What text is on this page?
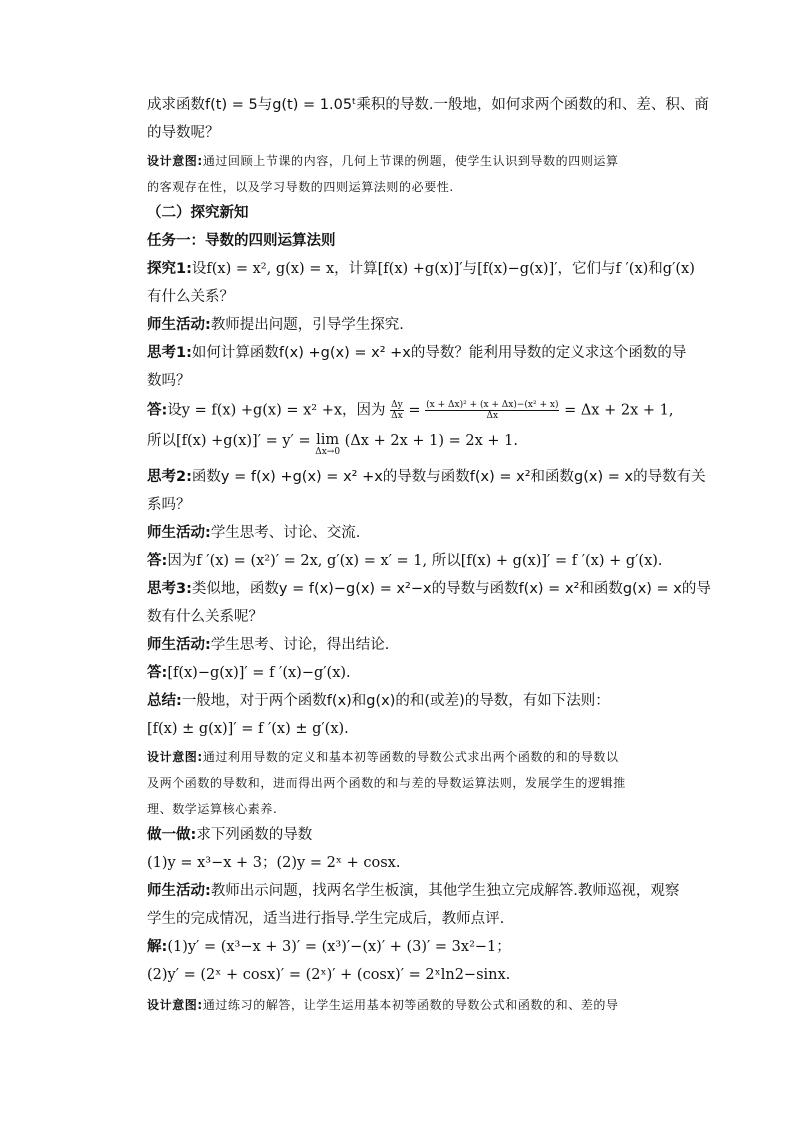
成求函数f(t) = 5与g(t) = 1.05ᵗ乘积的导数.一般地，如何求两个函数的和、差、积、商
的导数呢？
设计意图:通过回顾上节课的内容，几何上节课的例题，使学生认识到导数的四则运算
的客观存在性，以及学习导数的四则运算法则的必要性.
（二）探究新知
任务一：导数的四则运算法则
探究1:设f(x) = x², g(x) = x，计算[f(x) +g(x)]′与[f(x)−g(x)]′，它们与f ′(x)和g′(x)
有什么关系？
师生活动:教师提出问题，引导学生探究.
思考1:如何计算函数f(x) +g(x) = x² +x的导数？能利用导数的定义求这个函数的导
数吗？
答:设y = f(x) +g(x) = x² +x，因为 $\frac{\Delta y}{\Delta x} = \frac{\text{(x + Δx)² + (x + Δx)−(x² + x)}}{\Delta x} = \Delta x + 2x + 1$,
所以[f(x) +g(x)]′ = y′ = lim
Δx→0
(Δx + 2x + 1) = 2x + 1.
思考2:函数y = f(x) +g(x) = x² +x的导数与函数f(x) = x²和函数g(x) = x的导数有关
系吗？
师生活动:学生思考、讨论、交流.
答:因为f ′(x) = (x²)′ = 2x, g′(x) = x′ = 1, 所以[f(x) + g(x)]′ = f ′(x) + g′(x).
思考3:类似地，函数y = f(x)−g(x) = x²−x的导数与函数f(x) = x²和函数g(x) = x的导
数有什么关系呢？
师生活动:学生思考、讨论，得出结论.
答:[f(x)−g(x)]′ = f ′(x)−g′(x).
总结:一般地，对于两个函数f(x)和g(x)的和(或差)的导数，有如下法则：
[f(x) ± g(x)]′ = f ′(x) ± g′(x).
设计意图:通过利用导数的定义和基本初等函数的导数公式求出两个函数的和的导数以
及两个函数的导数和，进而得出两个函数的和与差的导数运算法则，发展学生的逻辑推
理、数学运算核心素养.
做一做:求下列函数的导数
(1)y = x³−x + 3；(2)y = 2ˣ + cosx.
师生活动:教师出示问题，找两名学生板演，其他学生独立完成解答.教师巡视，观察
学生的完成情况，适当进行指导.学生完成后，教师点评.
解:(1)y′ = (x³−x + 3)′ = (x³)′−(x)′ + (3)′ = 3x²−1；
(2)y′ = (2ˣ + cosx)′ = (2ˣ)′ + (cosx)′ = 2ˣln2−sinx.
设计意图:通过练习的解答，让学生运用基本初等函数的导数公式和函数的和、差的导
